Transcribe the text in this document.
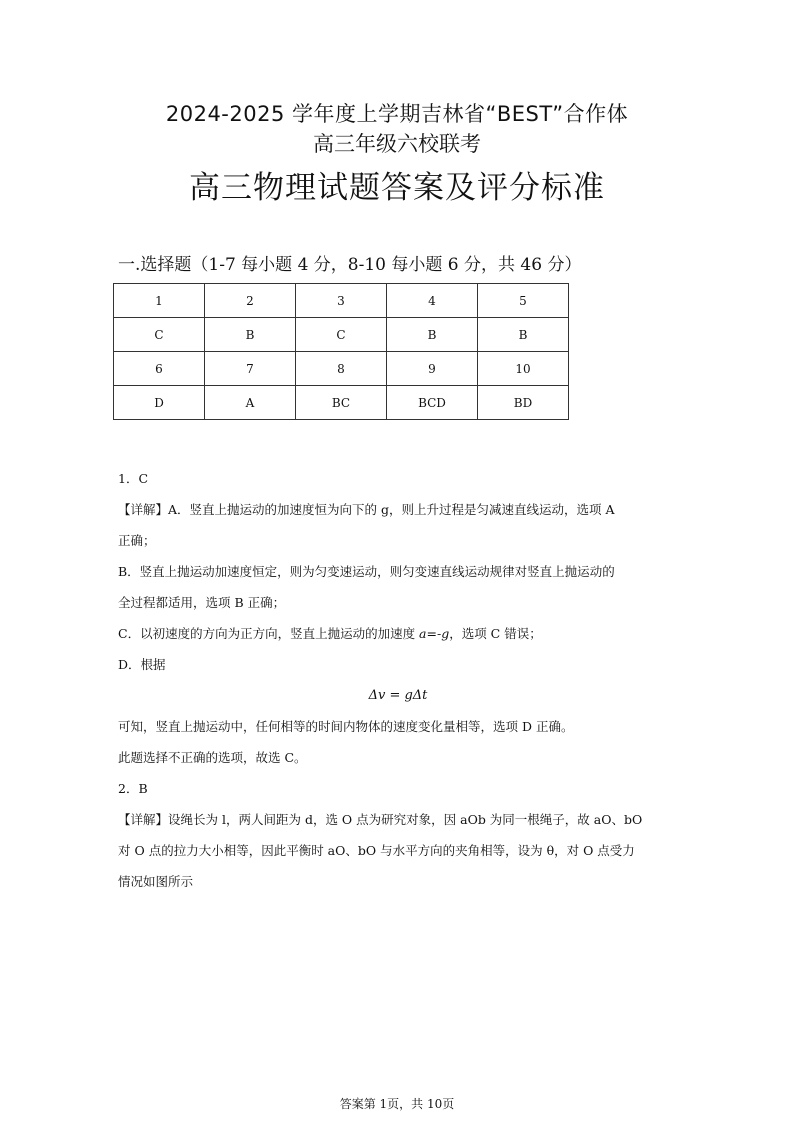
2024-2025 学年度上学期吉林省“BEST”合作体
高三年级六校联考
高三物理试题答案及评分标准
一.选择题（1-7 每小题 4 分，8-10 每小题 6 分，共 46 分）
1	2	3	4	5
C	B	C	B	B
6	7	8	9	10
D	A	BC	BCD	BD
1．C
【详解】A．竖直上抛运动的加速度恒为向下的 g，则上升过程是匀减速直线运动，选项 A
正确；
B．竖直上抛运动加速度恒定，则为匀变速运动，则匀变速直线运动规律对竖直上抛运动的
全过程都适用，选项 B 正确；
C．以初速度的方向为正方向，竖直上抛运动的加速度 a=-g，选项 C 错误；
D．根据
Δv = gΔt
可知，竖直上抛运动中，任何相等的时间内物体的速度变化量相等，选项 D 正确。
此题选择不正确的选项，故选 C。
2．B
【详解】设绳长为 l，两人间距为 d，选 O 点为研究对象，因 aOb 为同一根绳子，故 aO、bO
对 O 点的拉力大小相等，因此平衡时 aO、bO 与水平方向的夹角相等，设为 θ，对 O 点受力
情况如图所示
答案第 1页，共 10页
